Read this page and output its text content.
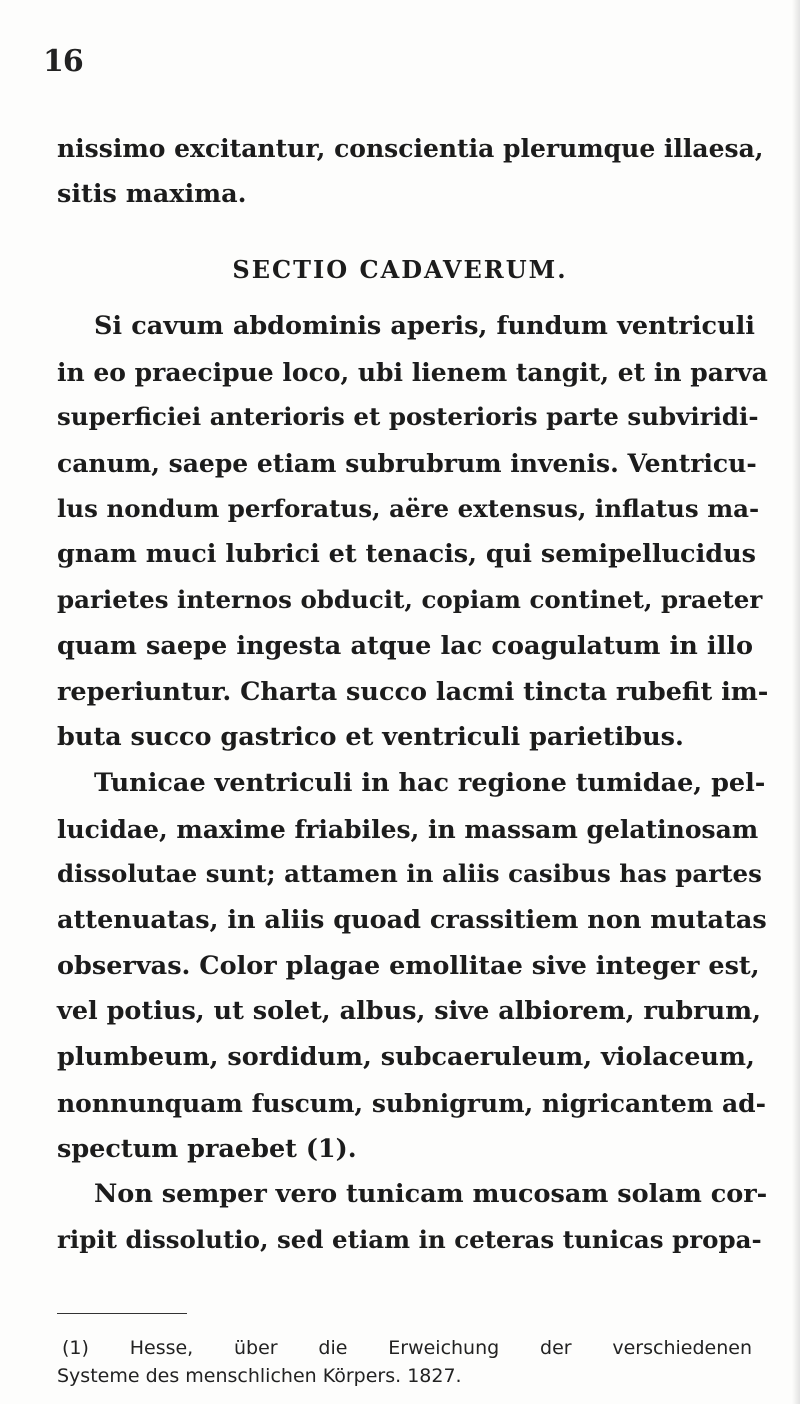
16
nissimo excitantur, conscientia plerumque illaesa,
sitis maxima.
SECTIO CADAVERUM.
Si cavum abdominis aperis, fundum ventriculi
in eo praecipue loco, ubi lienem tangit, et in parva
superficiei anterioris et posterioris parte subviridi-
canum, saepe etiam subrubrum invenis. Ventricu-
lus nondum perforatus, aëre extensus, inflatus ma-
gnam muci lubrici et tenacis, qui semipellucidus
parietes internos obducit, copiam continet, praeter
quam saepe ingesta atque lac coagulatum in illo
reperiuntur. Charta succo lacmi tincta rubefit im-
buta succo gastrico et ventriculi parietibus.
Tunicae ventriculi in hac regione tumidae, pel-
lucidae, maxime friabiles, in massam gelatinosam
dissolutae sunt; attamen in aliis casibus has partes
attenuatas, in aliis quoad crassitiem non mutatas
observas. Color plagae emollitae sive integer est,
vel potius, ut solet, albus, sive albiorem, rubrum,
plumbeum, sordidum, subcaeruleum, violaceum,
nonnunquam fuscum, subnigrum, nigricantem ad-
spectum praebet (1).
Non semper vero tunicam mucosam solam cor-
ripit dissolutio, sed etiam in ceteras tunicas propa-
(1) Hesse, über die Erweichung der verschiedenen
Systeme des menschlichen Körpers. 1827.
